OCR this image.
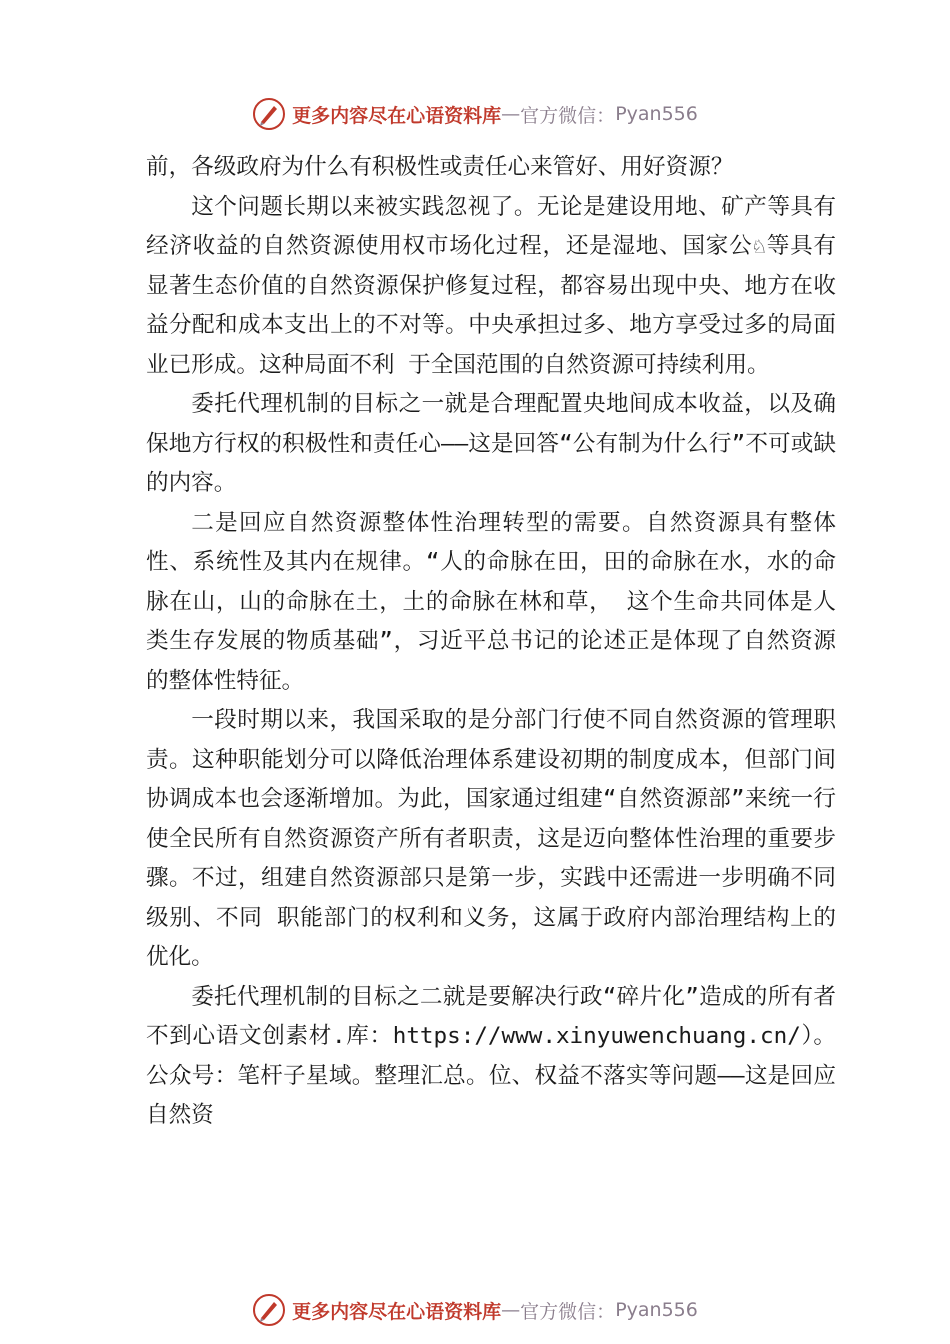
更多内容尽在心语资料库 — 官方微信： Pyan556

前，各级政府为什么有积极性或责任心来管好、用好资源？

这个问题长期以来被实践忽视了。无论是建设用地、矿产等具有经济收益的自然资源使用权市场化过程，还是湿地、国家公♘等具有显著生态价值的自然资源保护修复过程，都容易出现中央、地方在收益分配和成本支出上的不对等。中央承担过多、地方享受过多的局面业已形成。这种局面不利 于全国范围的自然资源可持续利用。

委托代理机制的目标之一就是合理配置央地间成本收益，以及确保地方行权的积极性和责任心——这是回答“公有制为什么行”不可或缺的内容。

二是回应自然资源整体性治理转型的需要。自然资源具有整体性、系统性及其内在规律。“人的命脉在田，田的命脉在水，水的命脉在山，山的命脉在土，土的命脉在林和草， 这个生命共同体是人类生存发展的物质基础”，习近平总书记的论述正是体现了自然资源的整体性特征。

一段时期以来，我国采取的是分部门行使不同自然资源的管理职责。这种职能划分可以降低治理体系建设初期的制度成本，但部门间协调成本也会逐渐增加。为此，国家通过组建“自然资源部”来统一行使全民所有自然资源资产所有者职责，这是迈向整体性治理的重要步骤。不过，组建自然资源部只是第一步，实践中还需进一步明确不同级别、不同 职能部门的权利和义务，这属于政府内部治理结构上的优化。

委托代理机制的目标之二就是要解决行政“碎片化”造成的所有者不到心语文创素材.库：https://www.xinyuwenchuang.cn/）。公众号：笔杆子星域。整理汇总。位、权益不落实等问题——这是回应自然资

更多内容尽在心语资料库 — 官方微信： Pyan556
